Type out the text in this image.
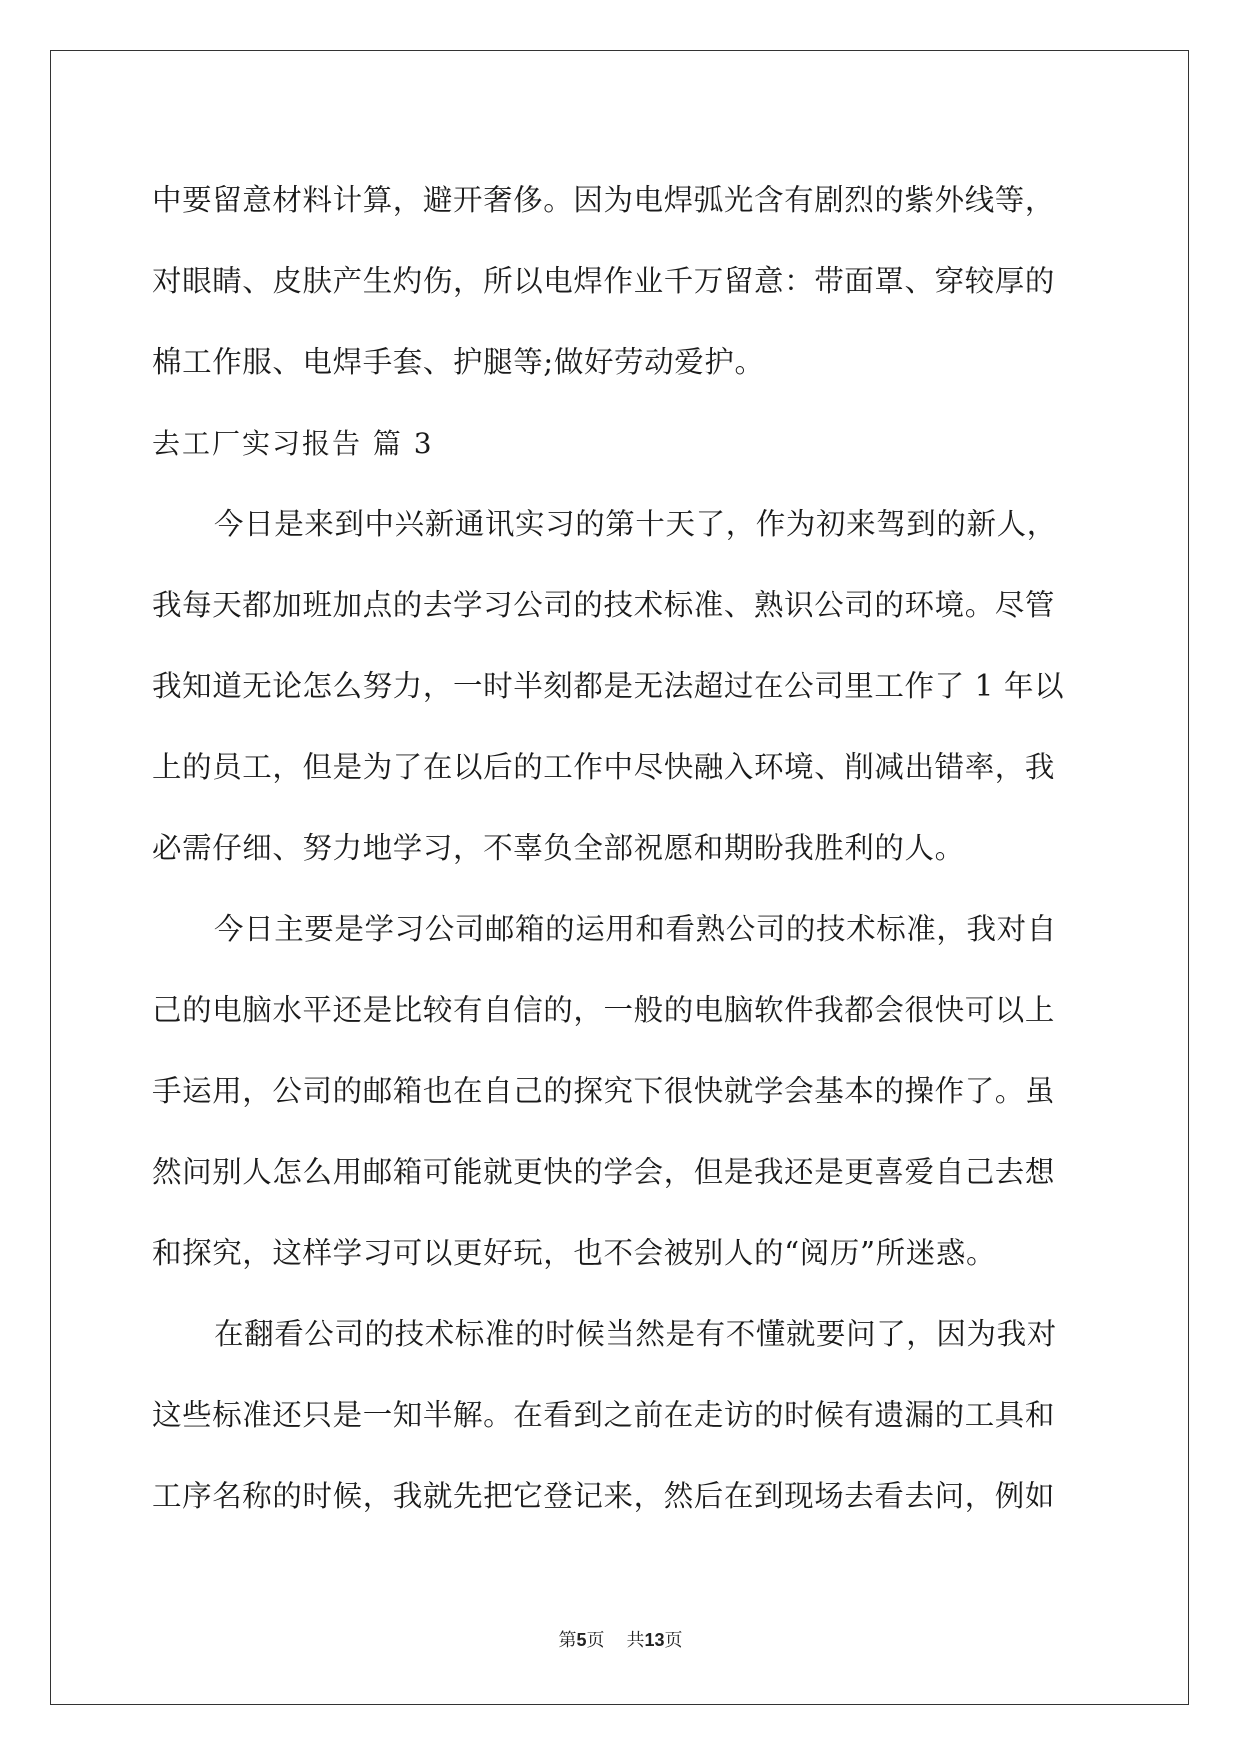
中要留意材料计算，避开奢侈。因为电焊弧光含有剧烈的紫外线等，
对眼睛、皮肤产生灼伤，所以电焊作业千万留意：带面罩、穿较厚的
棉工作服、电焊手套、护腿等;做好劳动爱护。
去工厂实习报告 篇 3
今日是来到中兴新通讯实习的第十天了，作为初来驾到的新人，
我每天都加班加点的去学习公司的技术标准、熟识公司的环境。尽管
我知道无论怎么努力，一时半刻都是无法超过在公司里工作了 1 年以
上的员工，但是为了在以后的工作中尽快融入环境、削减出错率，我
必需仔细、努力地学习，不辜负全部祝愿和期盼我胜利的人。
今日主要是学习公司邮箱的运用和看熟公司的技术标准，我对自
己的电脑水平还是比较有自信的，一般的电脑软件我都会很快可以上
手运用，公司的邮箱也在自己的探究下很快就学会基本的操作了。虽
然问别人怎么用邮箱可能就更快的学会，但是我还是更喜爱自己去想
和探究，这样学习可以更好玩，也不会被别人的“阅历”所迷惑。
在翻看公司的技术标准的时候当然是有不懂就要问了，因为我对
这些标准还只是一知半解。在看到之前在走访的时候有遗漏的工具和
工序名称的时候，我就先把它登记来，然后在到现场去看去问，例如
第5页 共13页
